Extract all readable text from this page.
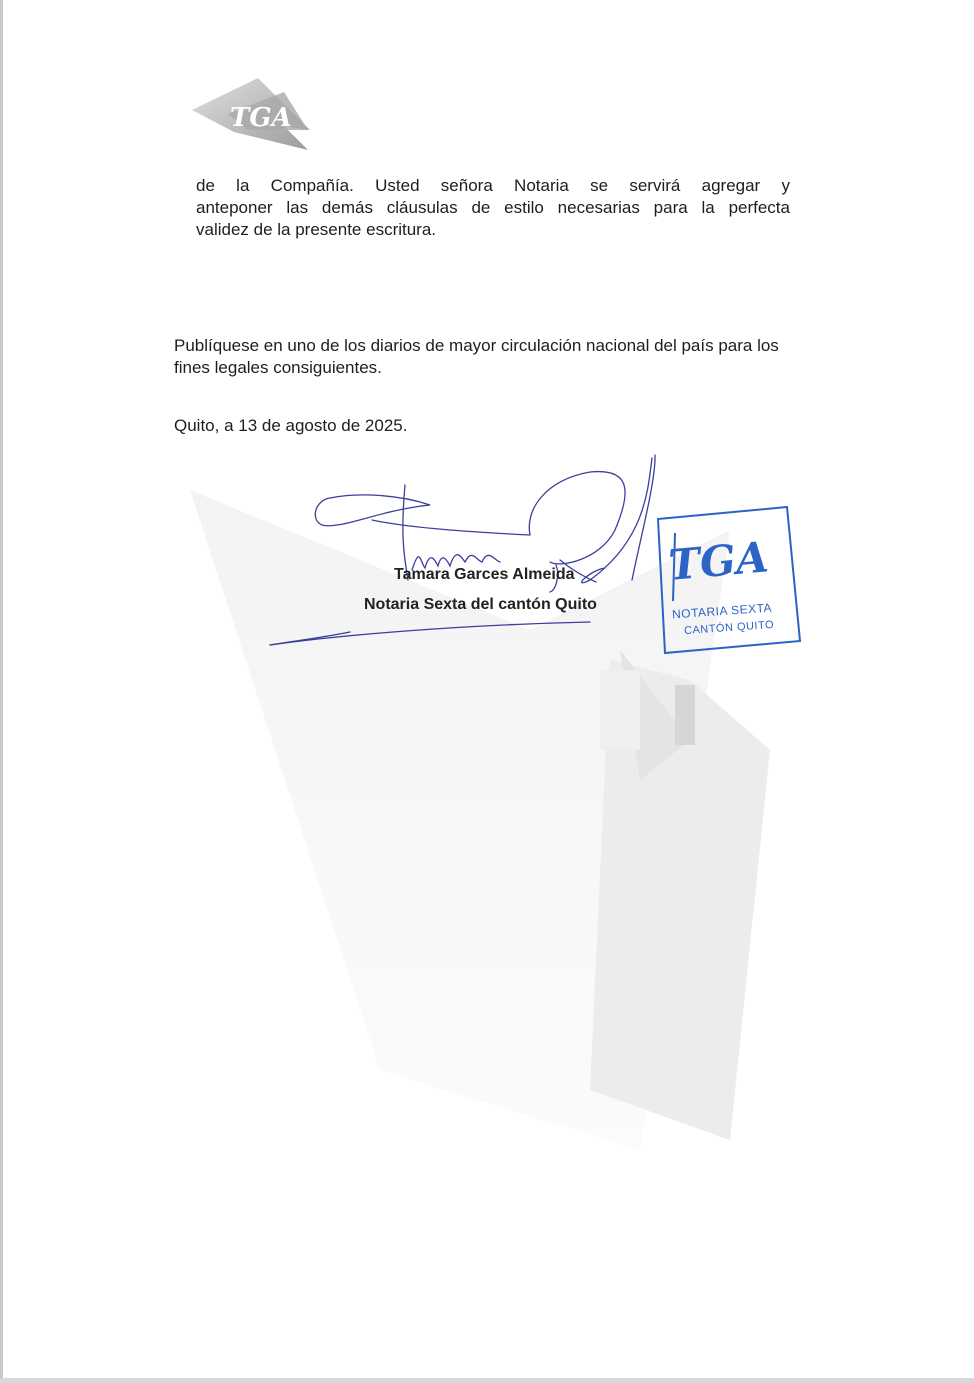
TGA

de la Compañía. Usted señora Notaria se servirá agregar y
anteponer las demás cláusulas de estilo necesarias para la perfecta
validez de la presente escritura.

Publíquese en uno de los diarios de mayor circulación nacional del país para los
fines legales consiguientes.

Quito, a 13 de agosto de 2025.

Tamara Garces Almeida
Notaria Sexta del cantón Quito
TGA
NOTARIA SEXTA
CANTÓN QUITO
